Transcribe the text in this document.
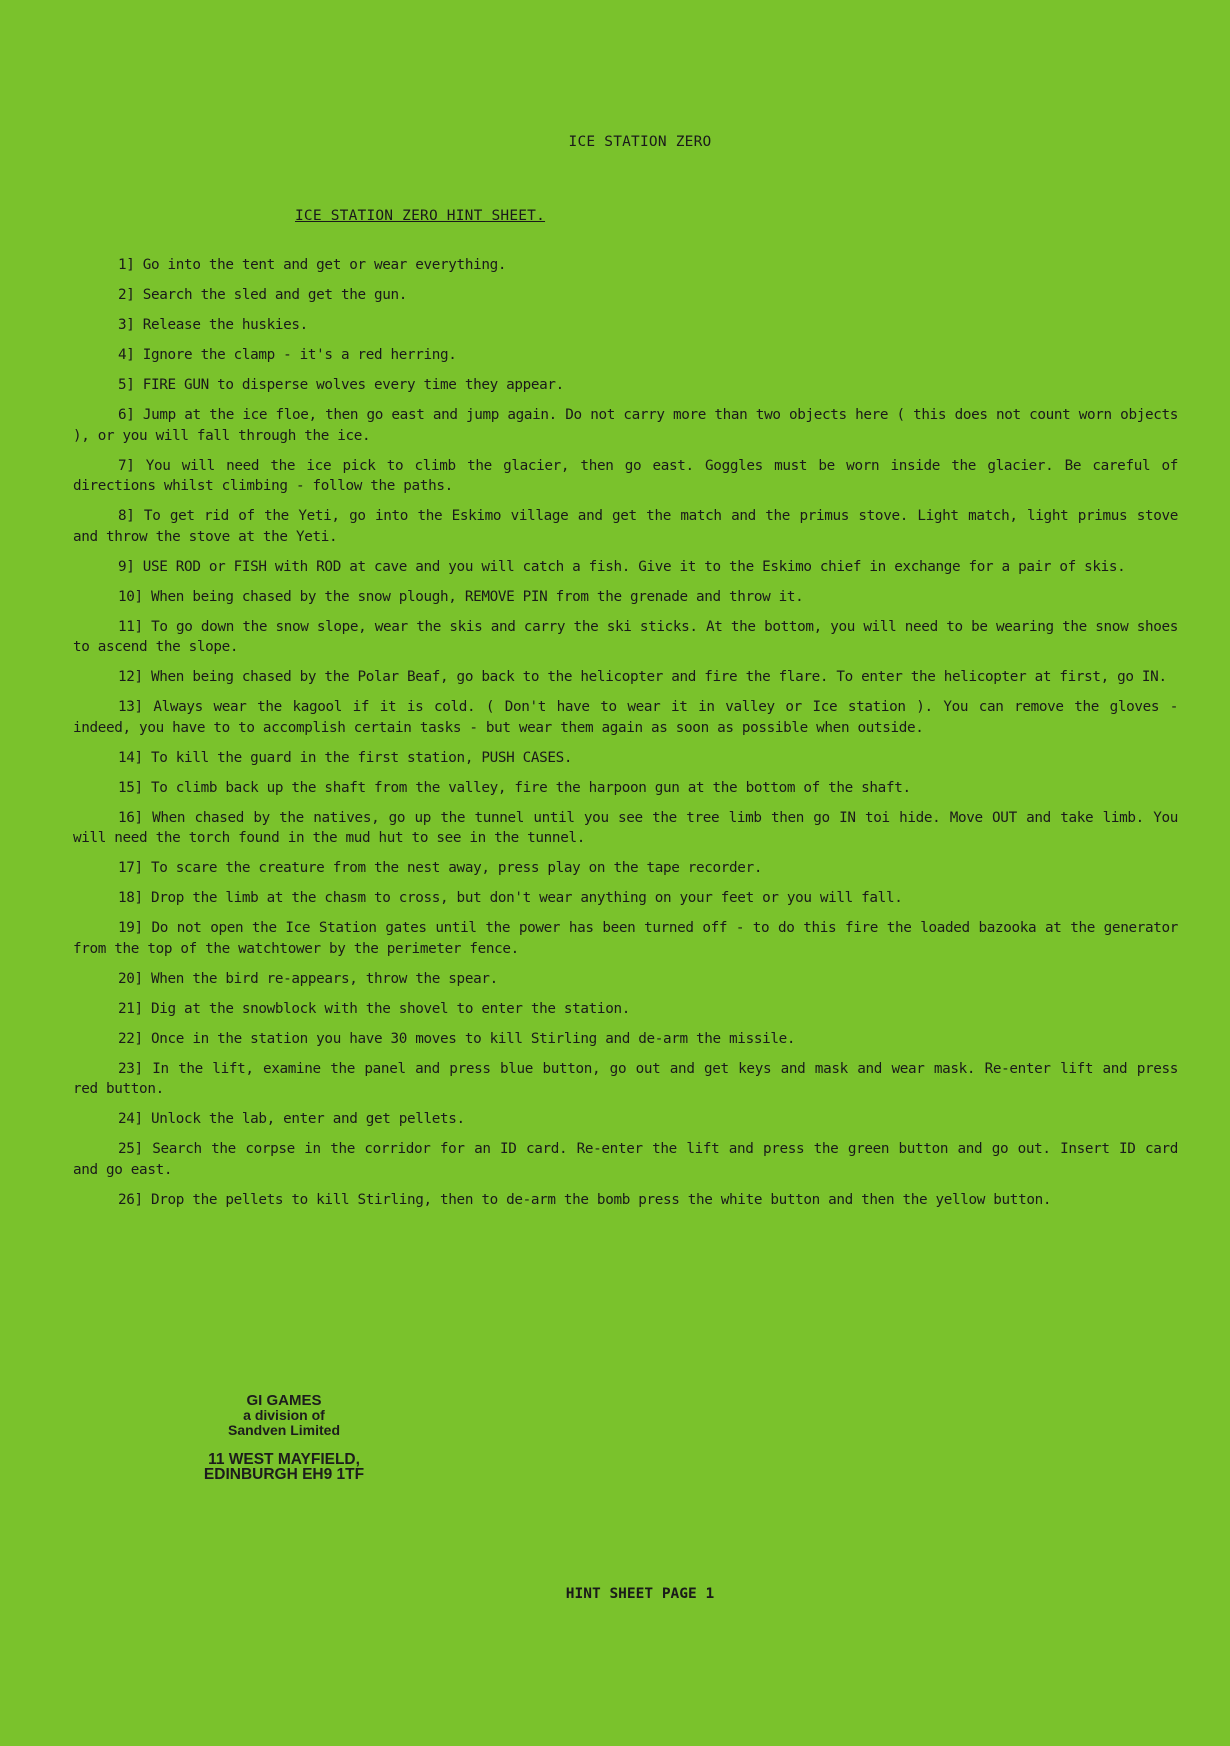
ICE STATION ZERO
ICE STATION ZERO HINT SHEET.

1] Go into the tent and get or wear everything.

2] Search the sled and get the gun.

3] Release the huskies.

4] Ignore the clamp - it's a red herring.

5] FIRE GUN to disperse wolves every time they appear.

6] Jump at the ice floe, then go east and jump again. Do not carry more than two objects here ( this does not count worn objects ), or you will fall through the ice.

7] You will need the ice pick to climb the glacier, then go east. Goggles must be worn inside the glacier. Be careful of directions whilst climbing - follow the paths.

8] To get rid of the Yeti, go into the Eskimo village and get the match and the primus stove. Light match, light primus stove and throw the stove at the Yeti.

9] USE ROD or FISH with ROD at cave and you will catch a fish. Give it to the Eskimo chief in exchange for a pair of skis.

10] When being chased by the snow plough, REMOVE PIN from the grenade and throw it.

11] To go down the snow slope, wear the skis and carry the ski sticks. At the bottom, you will need to be wearing the snow shoes to ascend the slope.

12] When being chased by the Polar Beaf, go back to the helicopter and fire the flare. To enter the helicopter at first, go IN.

13] Always wear the kagool if it is cold. ( Don't have to wear it in valley or Ice station ). You can remove the gloves - indeed, you have to to accomplish certain tasks - but wear them again as soon as possible when outside.

14] To kill the guard in the first station, PUSH CASES.

15] To climb back up the shaft from the valley, fire the harpoon gun at the bottom of the shaft.

16] When chased by the natives, go up the tunnel until you see the tree limb then go IN toi hide. Move OUT and take limb. You will need the torch found in the mud hut to see in the tunnel.

17] To scare the creature from the nest away, press play on the tape recorder.

18] Drop the limb at the chasm to cross, but don't wear anything on your feet or you will fall.

19] Do not open the Ice Station gates until the power has been turned off - to do this fire the loaded bazooka at the generator from the top of the watchtower by the perimeter fence.

20] When the bird re-appears, throw the spear.

21] Dig at the snowblock with the shovel to enter the station.

22] Once in the station you have 30 moves to kill Stirling and de-arm the missile.

23] In the lift, examine the panel and press blue button, go out and get keys and mask and wear mask. Re-enter lift and press red button.

24] Unlock the lab, enter and get pellets.

25] Search the corpse in the corridor for an ID card. Re-enter the lift and press the green button and go out. Insert ID card and go east.

26] Drop the pellets to kill Stirling, then to de-arm the bomb press the white button and then the yellow button.

GI GAMES
a division of
Sandven Limited
11 WEST MAYFIELD,
EDINBURGH EH9 1TF
HINT SHEET PAGE 1
